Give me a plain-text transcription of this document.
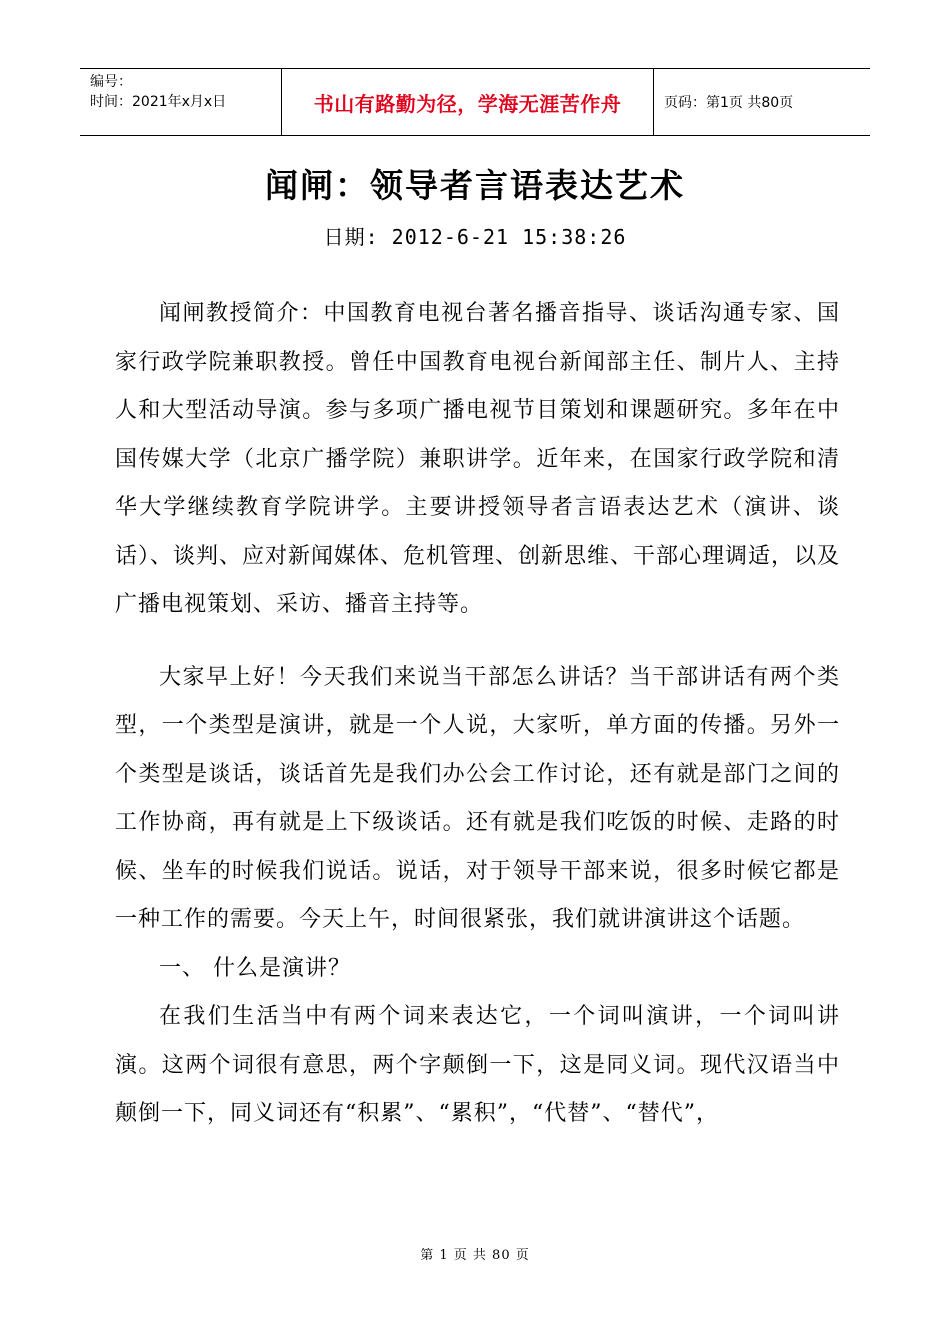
编号：
时间：2021年x月x日	书山有路勤为径，学海无涯苦作舟	页码：第1页 共80页
闻闸：领导者言语表达艺术
日期: 2012-6-21 15:38:26

闻闸教授简介：中国教育电视台著名播音指导、谈话沟通专家、国家行政学院兼职教授。曾任中国教育电视台新闻部主任、制片人、主持人和大型活动导演。参与多项广播电视节目策划和课题研究。多年在中国传媒大学（北京广播学院）兼职讲学。近年来，在国家行政学院和清华大学继续教育学院讲学。主要讲授领导者言语表达艺术（演讲、谈话）、谈判、应对新闻媒体、危机管理、创新思维、干部心理调适，以及广播电视策划、采访、播音主持等。

大家早上好！今天我们来说当干部怎么讲话？当干部讲话有两个类型，一个类型是演讲，就是一个人说，大家听，单方面的传播。另外一个类型是谈话，谈话首先是我们办公会工作讨论，还有就是部门之间的工作协商，再有就是上下级谈话。还有就是我们吃饭的时候、走路的时候、坐车的时候我们说话。说话，对于领导干部来说，很多时候它都是一种工作的需要。今天上午，时间很紧张，我们就讲演讲这个话题。

一、 什么是演讲？

在我们生活当中有两个词来表达它，一个词叫演讲，一个词叫讲演。这两个词很有意思，两个字颠倒一下，这是同义词。现代汉语当中颠倒一下，同义词还有“积累”、“累积”，“代替”、“替代”，

第 1 页 共 80 页
